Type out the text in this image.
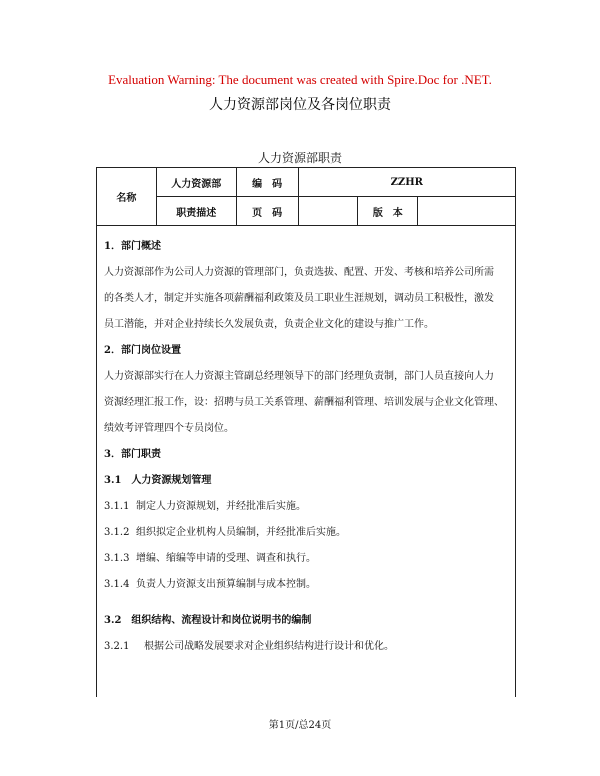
Evaluation Warning: The document was created with Spire.Doc for .NET.
人力资源部岗位及各岗位职责
人力资源部职责
名称	人力资源部	编　码	ZZHR		
	职责描述	页　码		版　本	
1．部门概述

人力资源部作为公司人力资源的管理部门，负责选拔、配置、开发、考核和培养公司所需

的各类人才，制定并实施各项薪酬福利政策及员工职业生涯规划，调动员工积极性，激发

员工潜能，并对企业持续长久发展负责，负责企业文化的建设与推广工作。

2．部门岗位设置

人力资源部实行在人力资源主管副总经理领导下的部门经理负责制，部门人员直接向人力

资源经理汇报工作，设：招聘与员工关系管理、薪酬福利管理、培训发展与企业文化管理、

绩效考评管理四个专员岗位。

3．部门职责
3.1　人力资源规划管理
3.1.1 制定人力资源规划，并经批准后实施。
3.1.2 组织拟定企业机构人员编制，并经批准后实施。
3.1.3 增编、缩编等申请的受理、调查和执行。
3.1.4 负责人力资源支出预算编制与成本控制。
3.2　组织结构、流程设计和岗位说明书的编制
3.2.1	根据公司战略发展要求对企业组织结构进行设计和优化。
第1页/总24页
